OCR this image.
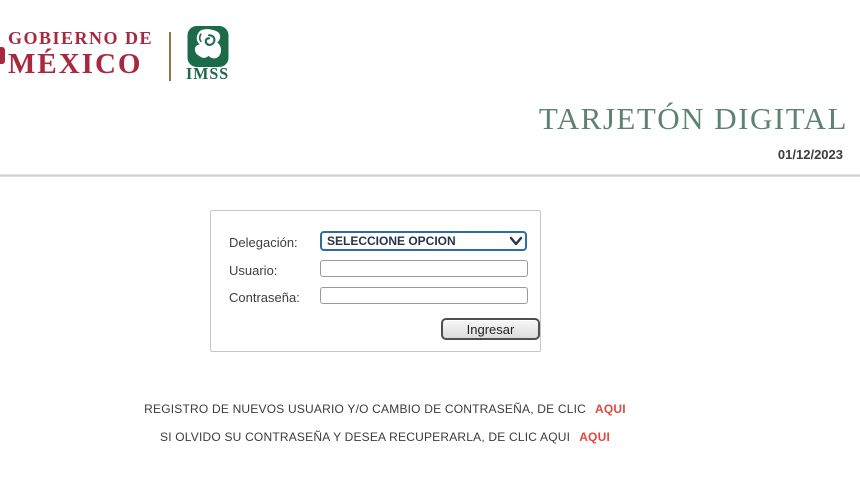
GOBIERNO DE
MÉXICO	IMSS
TARJETÓN DIGITAL
01/12/2023
Delegación:
SELECCIONE OPCION
Usuario:
Contraseña:
Ingresar
REGISTRO DE NUEVOS USUARIO Y/O CAMBIO DE CONTRASEÑA, DE CLIC AQUI
SI OLVIDO SU CONTRASEÑA Y DESEA RECUPERARLA, DE CLIC AQUI AQUI
